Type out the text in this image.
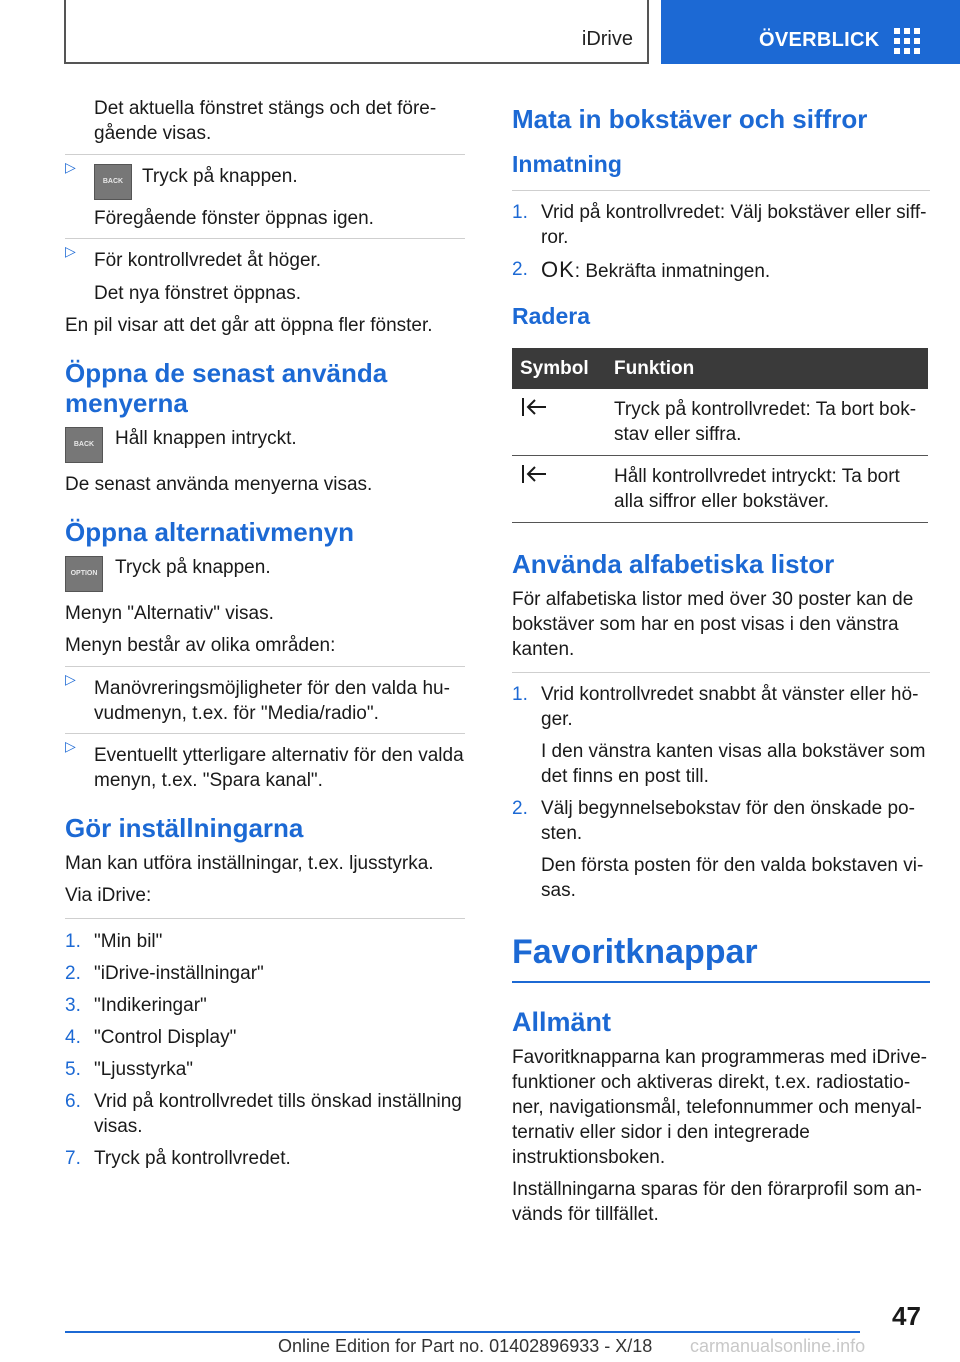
iDrive	ÖVERBLICK

Det aktuella fönstret stängs och det föregående visas.

▷
BACK Tryck på knappen.
Föregående fönster öppnas igen.
▷ För kontrollvredet åt höger.
Det nya fönstret öppnas.

En pil visar att det går att öppna fler fönster.

Öppna de senast använda menyerna
BACK	Håll knappen intryckt.

De senast använda menyerna visas.

Öppna alternativmenyn
OPTION Tryck på knappen.

Menyn "Alternativ" visas.

Menyn består av olika områden:

▷ Manövreringsmöjligheter för den valda huvudmenyn, t.ex. för "Media/radio".
▷ Eventuellt ytterligare alternativ för den valda menyn, t.ex. "Spara kanal".
Gör inställningarna

Man kan utföra inställningar, t.ex. ljusstyrka.

Via iDrive:

1. "Min bil"
2. "iDrive-inställningar"
3. "Indikeringar"
4. "Control Display"
5. "Ljusstyrka"
6. Vrid på kontrollvredet tills önskad inställning visas.
7. Tryck på kontrollvredet.
Mata in bokstäver och siffror
Inmatning
1. Vrid på kontrollvredet: Välj bokstäver eller siffror.
2. OK: Bekräfta inmatningen.
Radera
Symbol	Funktion
	Tryck på kontrollvredet: Ta bort bokstav eller siffra.
	Håll kontrollvredet intryckt: Ta bort alla siffror eller bokstäver.
Använda alfabetiska listor

För alfabetiska listor med över 30 poster kan de bokstäver som har en post visas i den vänstra kanten.

1. Vrid kontrollvredet snabbt åt vänster eller höger.
I den vänstra kanten visas alla bokstäver som det finns en post till.
2. Välj begynnelsebokstav för den önskade posten.
Den första posten för den valda bokstaven visas.
Favoritknappar
Allmänt

Favoritknapparna kan programmeras med iDrive-funktioner och aktiveras direkt, t.ex. radiostationer, navigationsmål, telefonnummer och menyalternativ eller sidor i den integrerade instruktionsboken.

Inställningarna sparas för den förarprofil som används för tillfället.

47
Online Edition for Part no. 01402896933 - X/18 carmanualsonline.info
